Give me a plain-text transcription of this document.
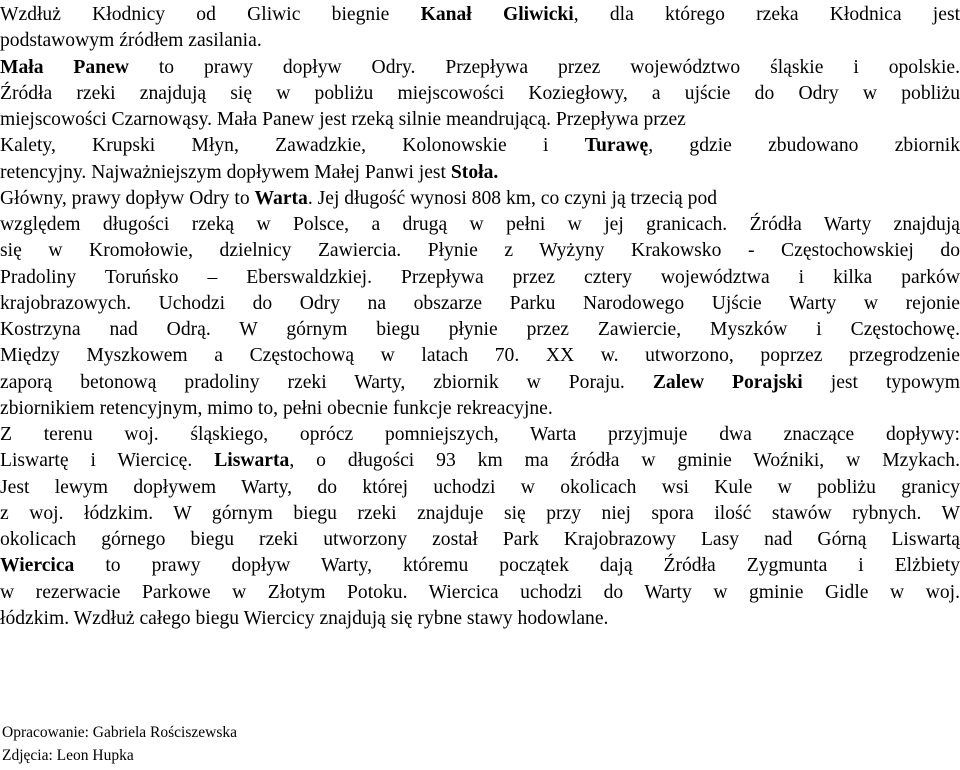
Wzdłuż Kłodnicy od Gliwic biegnie Kanał Gliwicki, dla którego rzeka Kłodnica jest
podstawowym źródłem zasilania.
Mała Panew to prawy dopływ Odry. Przepływa przez województwo śląskie i opolskie.
Źródła rzeki znajdują się w pobliżu miejscowości Koziegłowy, a ujście do Odry w pobliżu
miejscowości Czarnowąsy. Mała Panew jest rzeką silnie meandrującą. Przepływa przez
Kalety, Krupski Młyn, Zawadzkie, Kolonowskie i Turawę, gdzie zbudowano zbiornik
retencyjny. Najważniejszym dopływem Małej Panwi jest Stoła.
Główny, prawy dopływ Odry to Warta. Jej długość wynosi 808 km, co czyni ją trzecią pod
względem długości rzeką w Polsce, a drugą w pełni w jej granicach. Źródła Warty znajdują
się w Kromołowie, dzielnicy Zawiercia. Płynie z Wyżyny Krakowsko - Częstochowskiej do
Pradoliny Toruńsko – Eberswaldzkiej. Przepływa przez cztery województwa i kilka parków
krajobrazowych. Uchodzi do Odry na obszarze Parku Narodowego Ujście Warty w rejonie
Kostrzyna nad Odrą. W górnym biegu płynie przez Zawiercie, Myszków i Częstochowę.
Między Myszkowem a Częstochową w latach 70. XX w. utworzono, poprzez przegrodzenie
zaporą betonową pradoliny rzeki Warty, zbiornik w Poraju. Zalew Porajski jest typowym
zbiornikiem retencyjnym, mimo to, pełni obecnie funkcje rekreacyjne.
Z terenu woj. śląskiego, oprócz pomniejszych, Warta przyjmuje dwa znaczące dopływy:
Liswartę i Wiercicę. Liswarta, o długości 93 km ma źródła w gminie Woźniki, w Mzykach.
Jest lewym dopływem Warty, do której uchodzi w okolicach wsi Kule w pobliżu granicy
z woj. łódzkim. W górnym biegu rzeki znajduje się przy niej spora ilość stawów rybnych. W
okolicach górnego biegu rzeki utworzony został Park Krajobrazowy Lasy nad Górną Liswartą
Wiercica to prawy dopływ Warty, któremu początek dają Źródła Zygmunta i Elżbiety
w rezerwacie Parkowe w Złotym Potoku. Wiercica uchodzi do Warty w gminie Gidle w woj.
łódzkim. Wzdłuż całego biegu Wiercicy znajdują się rybne stawy hodowlane.
Opracowanie: Gabriela Rościszewska
Zdjęcia: Leon Hupka
